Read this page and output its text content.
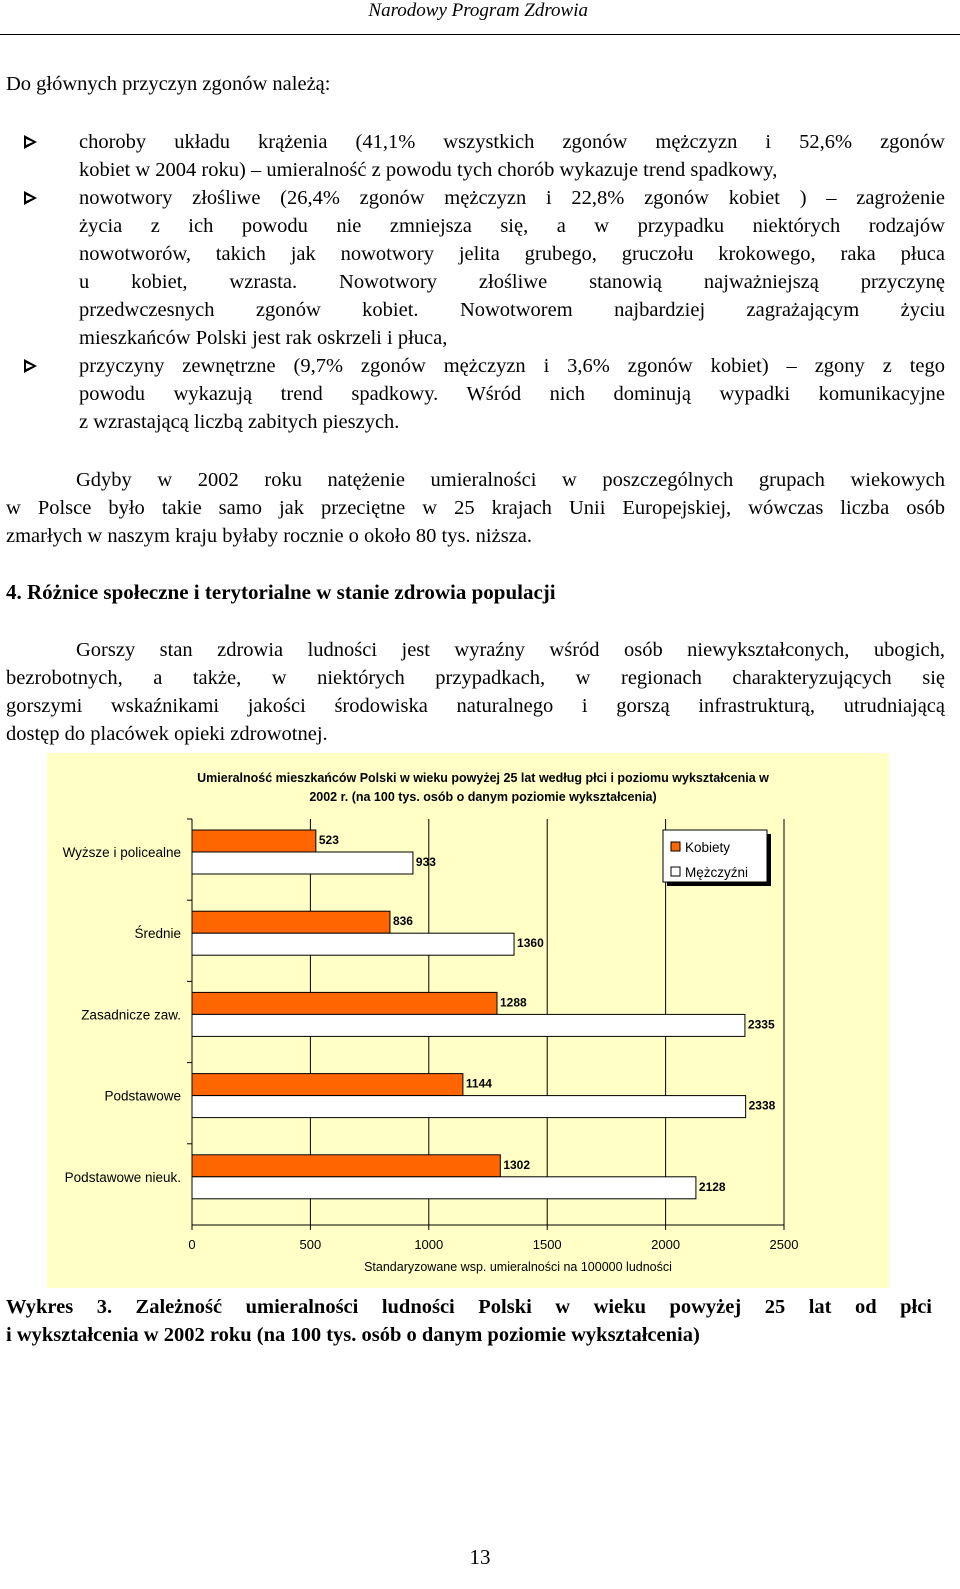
Narodowy Program Zdrowia
Do głównych przyczyn zgonów należą:
choroby układu krążenia (41,1% wszystkich zgonów mężczyzn i 52,6% zgonów
kobiet w 2004 roku) – umieralność z powodu tych chorób wykazuje trend spadkowy,
nowotwory złośliwe (26,4% zgonów mężczyzn i 22,8% zgonów kobiet ) – zagrożenie
życia z ich powodu nie zmniejsza się, a w przypadku niektórych rodzajów
nowotworów, takich jak nowotwory jelita grubego, gruczołu krokowego, raka płuca
u kobiet, wzrasta. Nowotwory złośliwe stanowią najważniejszą przyczynę
przedwczesnych zgonów kobiet. Nowotworem najbardziej zagrażającym życiu
mieszkańców Polski jest rak oskrzeli i płuca,
przyczyny zewnętrzne (9,7% zgonów mężczyzn i 3,6% zgonów kobiet) – zgony z tego
powodu wykazują trend spadkowy. Wśród nich dominują wypadki komunikacyjne
z wzrastającą liczbą zabitych pieszych.
Gdyby w 2002 roku natężenie umieralności w poszczególnych grupach wiekowych
w Polsce było takie samo jak przeciętne w 25 krajach Unii Europejskiej, wówczas liczba osób
zmarłych w naszym kraju byłaby rocznie o około 80 tys. niższa.
4. Różnice społeczne i terytorialne w stanie zdrowia populacji
Gorszy stan zdrowia ludności jest wyraźny wśród osób niewykształconych, ubogich,
bezrobotnych, a także, w niektórych przypadkach, w regionach charakteryzujących się
gorszymi wskaźnikami jakości środowiska naturalnego i gorszą infrastrukturą, utrudniającą
dostęp do placówek opieki zdrowotnej.
Umieralność mieszkańców Polski w wieku powyżej 25 lat według płci i poziomu wykształcenia w
2002 r. (na 100 tys. osób o danym poziomie wykształcenia)
0	500	1000	1500	2000	2500
Standaryzowane wsp. umieralności na 100000 ludności
Wyższe i policealne
523
933
Średnie
836
1360
Zasadnicze zaw.
1288
2335
Podstawowe
1144
2338
Podstawowe nieuk.
1302
2128
Kobiety
Mężczyźni
Wykres 3. Zależność umieralności ludności Polski w wieku powyżej 25 lat od płci
i wykształcenia w 2002 roku (na 100 tys. osób o danym poziomie wykształcenia)
13
